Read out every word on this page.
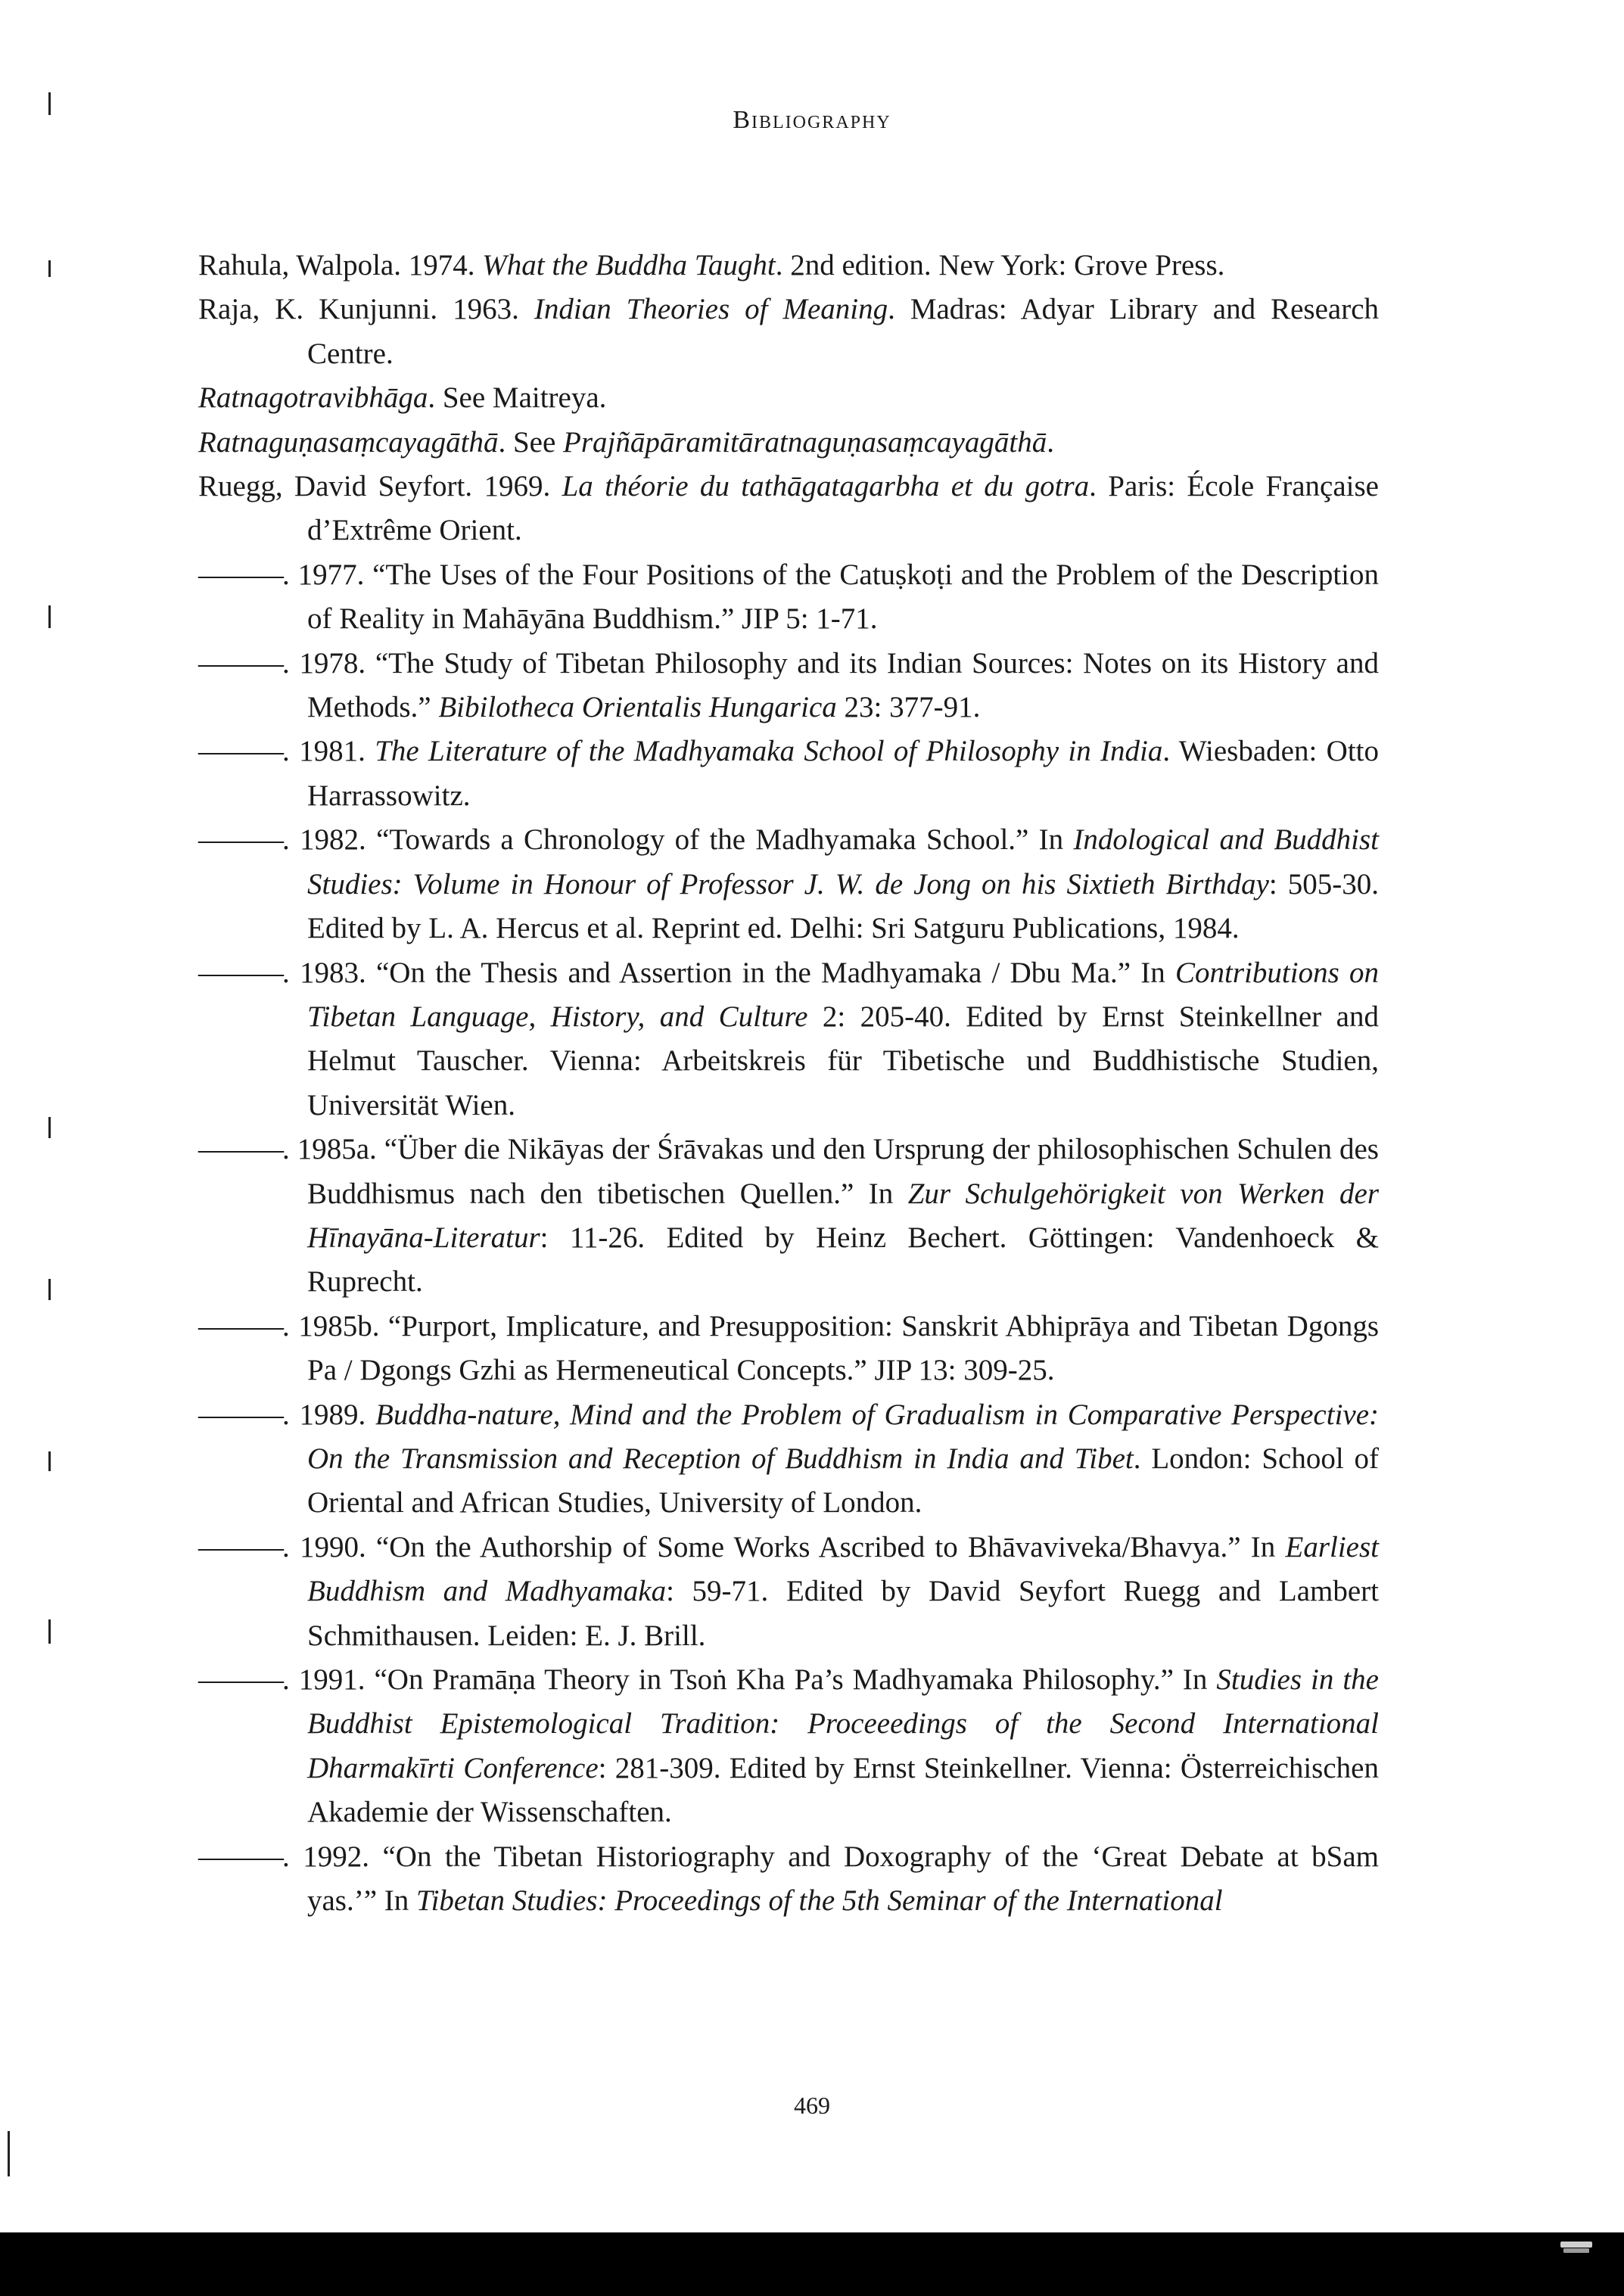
Bibliography
Rahula, Walpola. 1974. What the Buddha Taught. 2nd edition. New York: Grove Press.
Raja, K. Kunjunni. 1963. Indian Theories of Meaning. Madras: Adyar Library and Research Centre.
Ratnagotravibhāga. See Maitreya.
Ratnaguṇasaṃcayagāthā. See Prajñāpāramitāratnaguṇasaṃcayagāthā.
Ruegg, David Seyfort. 1969. La théorie du tathāgatagarbha et du gotra. Paris: École Française d’Extrême Orient.
———. 1977. “The Uses of the Four Positions of the Catuṣkoṭi and the Problem of the Description of Reality in Mahāyāna Buddhism.” JIP 5: 1-71.
———. 1978. “The Study of Tibetan Philosophy and its Indian Sources: Notes on its History and Methods.” Bibilotheca Orientalis Hungarica 23: 377-91.
———. 1981. The Literature of the Madhyamaka School of Philosophy in India. Wiesbaden: Otto Harrassowitz.
———. 1982. “Towards a Chronology of the Madhyamaka School.” In Indological and Buddhist Studies: Volume in Honour of Professor J. W. de Jong on his Sixtieth Birthday: 505-30. Edited by L. A. Hercus et al. Reprint ed. Delhi: Sri Satguru Publications, 1984.
———. 1983. “On the Thesis and Assertion in the Madhyamaka / Dbu Ma.” In Contributions on Tibetan Language, History, and Culture 2: 205-40. Edited by Ernst Steinkellner and Helmut Tauscher. Vienna: Arbeitskreis für Tibetische und Buddhistische Studien, Universität Wien.
———. 1985a. “Über die Nikāyas der Śrāvakas und den Ursprung der philosophischen Schulen des Buddhismus nach den tibetischen Quellen.” In Zur Schulgehörigkeit von Werken der Hīnayāna-Literatur: 11-26. Edited by Heinz Bechert. Göttingen: Vandenhoeck & Ruprecht.
———. 1985b. “Purport, Implicature, and Presupposition: Sanskrit Abhiprāya and Tibetan Dgongs Pa / Dgongs Gzhi as Hermeneutical Concepts.” JIP 13: 309-25.
———. 1989. Buddha-nature, Mind and the Problem of Gradualism in Comparative Perspective: On the Transmission and Reception of Buddhism in India and Tibet. London: School of Oriental and African Studies, University of London.
———. 1990. “On the Authorship of Some Works Ascribed to Bhāvaviveka/Bhavya.” In Earliest Buddhism and Madhyamaka: 59-71. Edited by David Seyfort Ruegg and Lambert Schmithausen. Leiden: E. J. Brill.
———. 1991. “On Pramāṇa Theory in Tsoṅ Kha Pa’s Madhyamaka Philosophy.” In Studies in the Buddhist Epistemological Tradition: Proceeedings of the Second International Dharmakīrti Conference: 281-309. Edited by Ernst Steinkellner. Vienna: Österreichischen Akademie der Wissenschaften.
———. 1992. “On the Tibetan Historiography and Doxography of the ‘Great Debate at bSam yas.’” In Tibetan Studies: Proceedings of the 5th Seminar of the International
469
